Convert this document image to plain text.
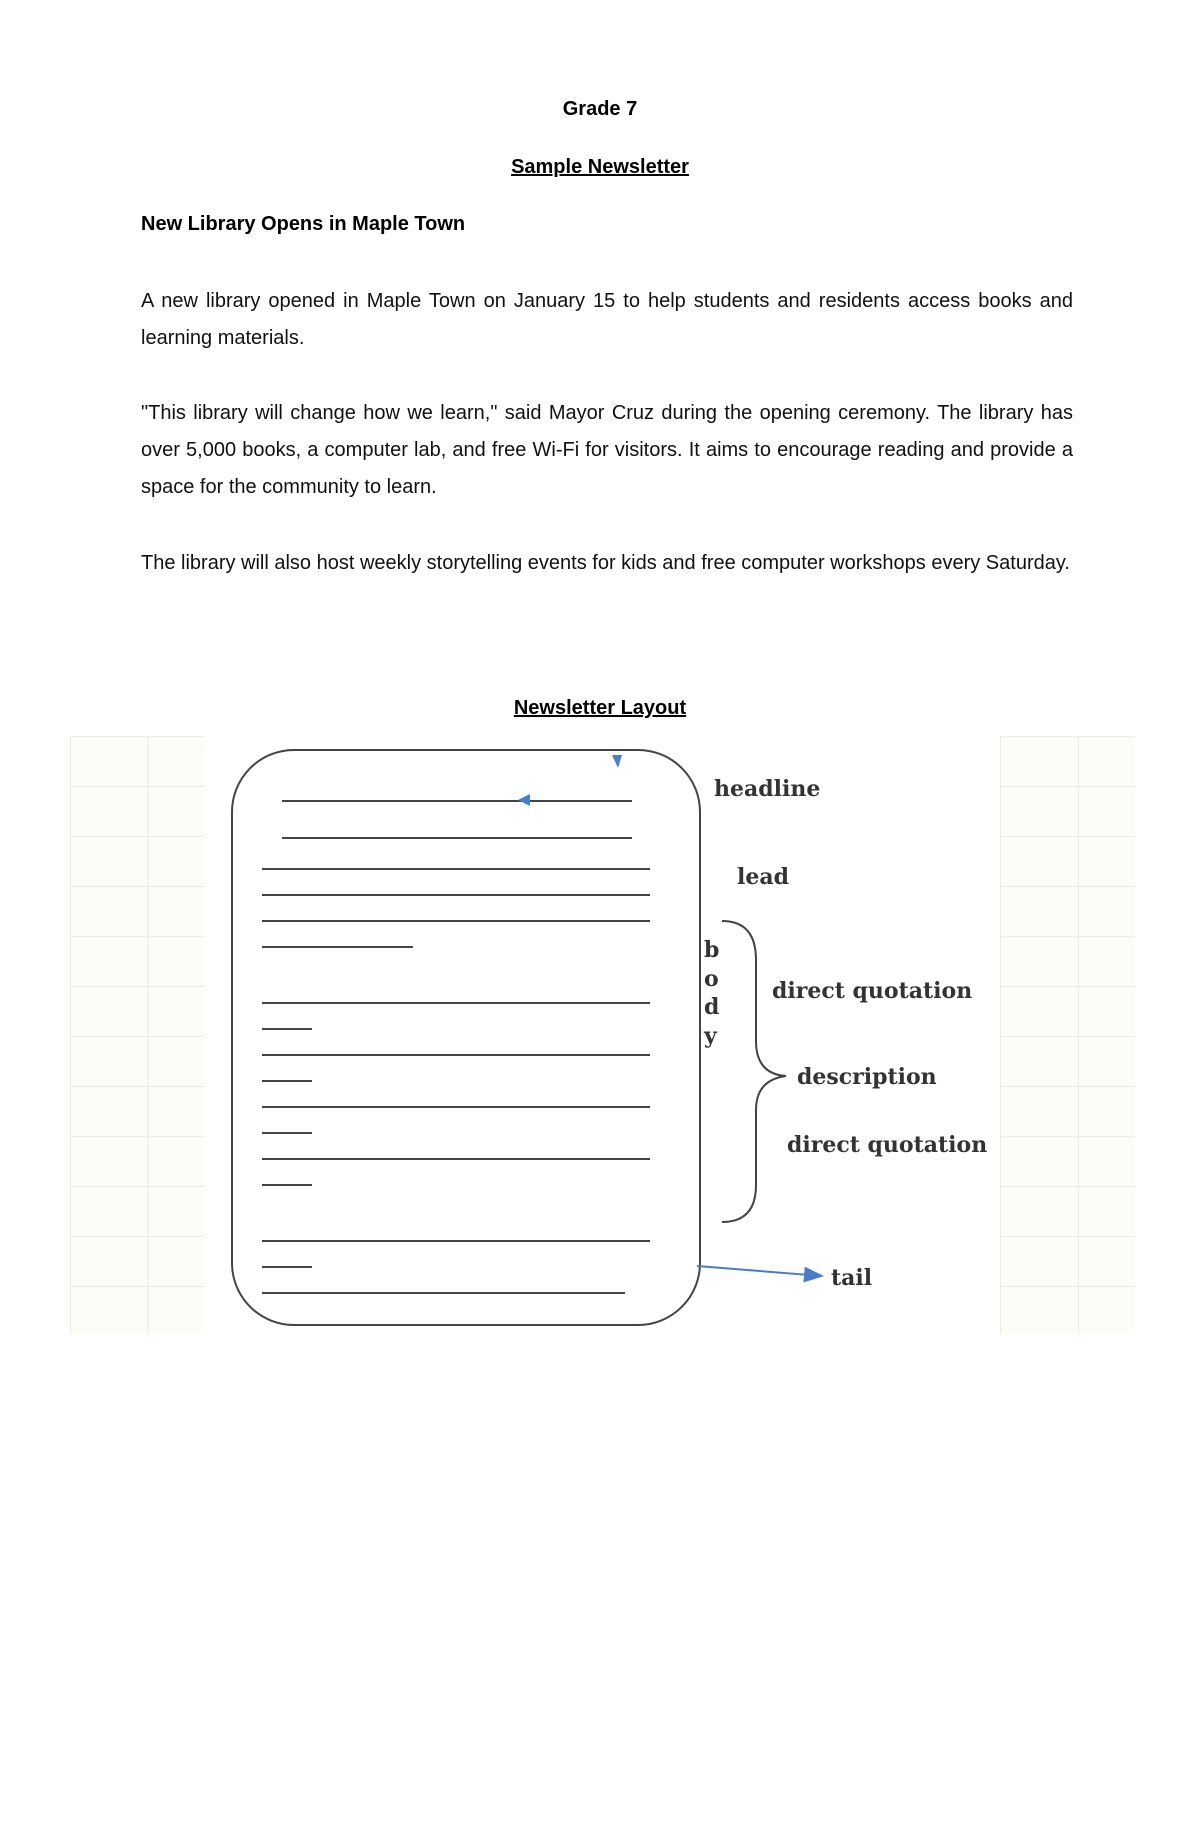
Grade 7
Sample Newsletter
New Library Opens in Maple Town
A new library opened in Maple Town on January 15 to help students and residents access books and learning materials.
"This library will change how we learn," said Mayor Cruz during the opening ceremony. The library has over 5,000 books, a computer lab, and free Wi-Fi for visitors. It aims to encourage reading and provide a space for the community to learn.
The library will also host weekly storytelling events for kids and free computer workshops every Saturday.
Newsletter Layout
headline
lead
b
o
d
y
direct quotation
description
direct quotation
tail
